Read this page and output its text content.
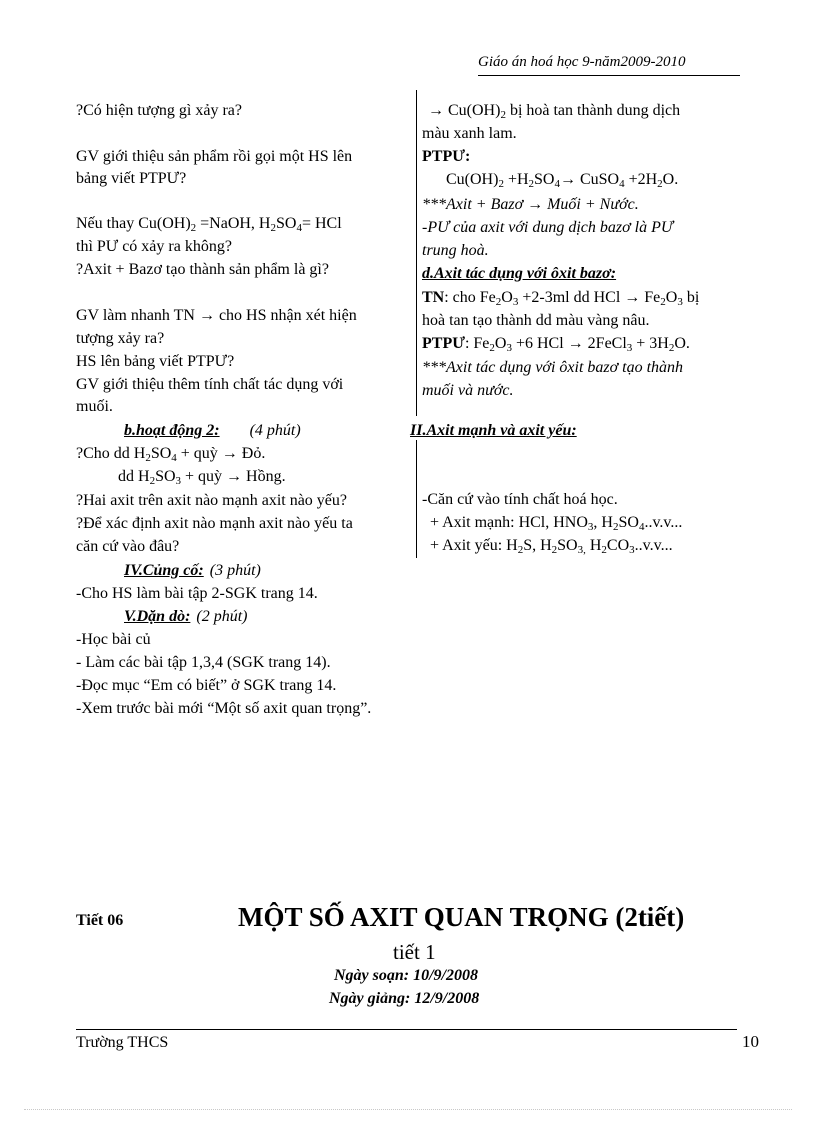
Giáo án hoá học 9-năm2009-2010
?Có hiện tượng gì xảy ra?
GV giới thiệu sản phẩm rồi gọi một HS lên
bảng viết PTPƯ?
Nếu thay $Cu(OH)_2$ =NaOH, $H_2SO_4=$ HCl
thì PƯ có xảy ra không?
?Axit + Bazơ tạo thành sản phẩm là gì?
GV làm nhanh TN → cho HS nhận xét hiện
tượng xảy ra?
HS lên bảng viết PTPƯ?
GV giới thiệu thêm tính chất tác dụng với
muối.
b.hoạt động 2: (4 phút)
?Cho dd $H_2SO_4$ + quỳ → Đỏ.
dd $H_2SO_3$ + quỳ → Hồng.
?Hai axit trên axit nào mạnh axit nào yếu?
?Để xác định axit nào mạnh axit nào yếu ta
căn cứ vào đâu?
IV.Củng cố: (3 phút)
-Cho HS làm bài tập 2-SGK trang 14.
V.Dặn dò: (2 phút)
-Học bài củ
- Làm các bài tập 1,3,4 (SGK trang 14).
-Đọc mục “Em có biết” ở SGK trang 14.
-Xem trước bài mới “Một số axit quan trọng”.
→ $Cu(OH)_2$ bị hoà tan thành dung dịch
màu xanh lam.
PTPƯ:
$Cu(OH)_2 +H_2SO_4\to$ CuSO$_4$ $+2H_2O$.
***Axit + Bazơ → Muối + Nước.
-PƯ của axit với dung dịch bazơ là PƯ
trung hoà.
d.Axit tác dụng với ôxit bazơ:
TN: cho $Fe_2O_3 +2-3ml$ dd HCl → $Fe_2O_3$ bị
hoà tan tạo thành dd màu vàng nâu.
PTPƯ: $Fe_2O_3 +6$ HCl → 2FeCl$_3$ + $3H_2O$.
***Axit tác dụng với ôxit bazơ tạo thành
muối và nước.
II.Axit mạnh và axit yếu:
-Căn cứ vào tính chất hoá học.
+ Axit mạnh: HCl, $HNO_3$, $H_2SO_4..v.v$...
+ Axit yếu: $H_2S$, $H_2SO_{3,}$ $H_2CO_3..v.v$...
Tiết 06	MỘT SỐ AXIT QUAN TRỌNG (2tiết)
tiết 1
Ngày soạn: 10/9/2008
Ngày giảng: 12/9/2008
Trường THCS	10
